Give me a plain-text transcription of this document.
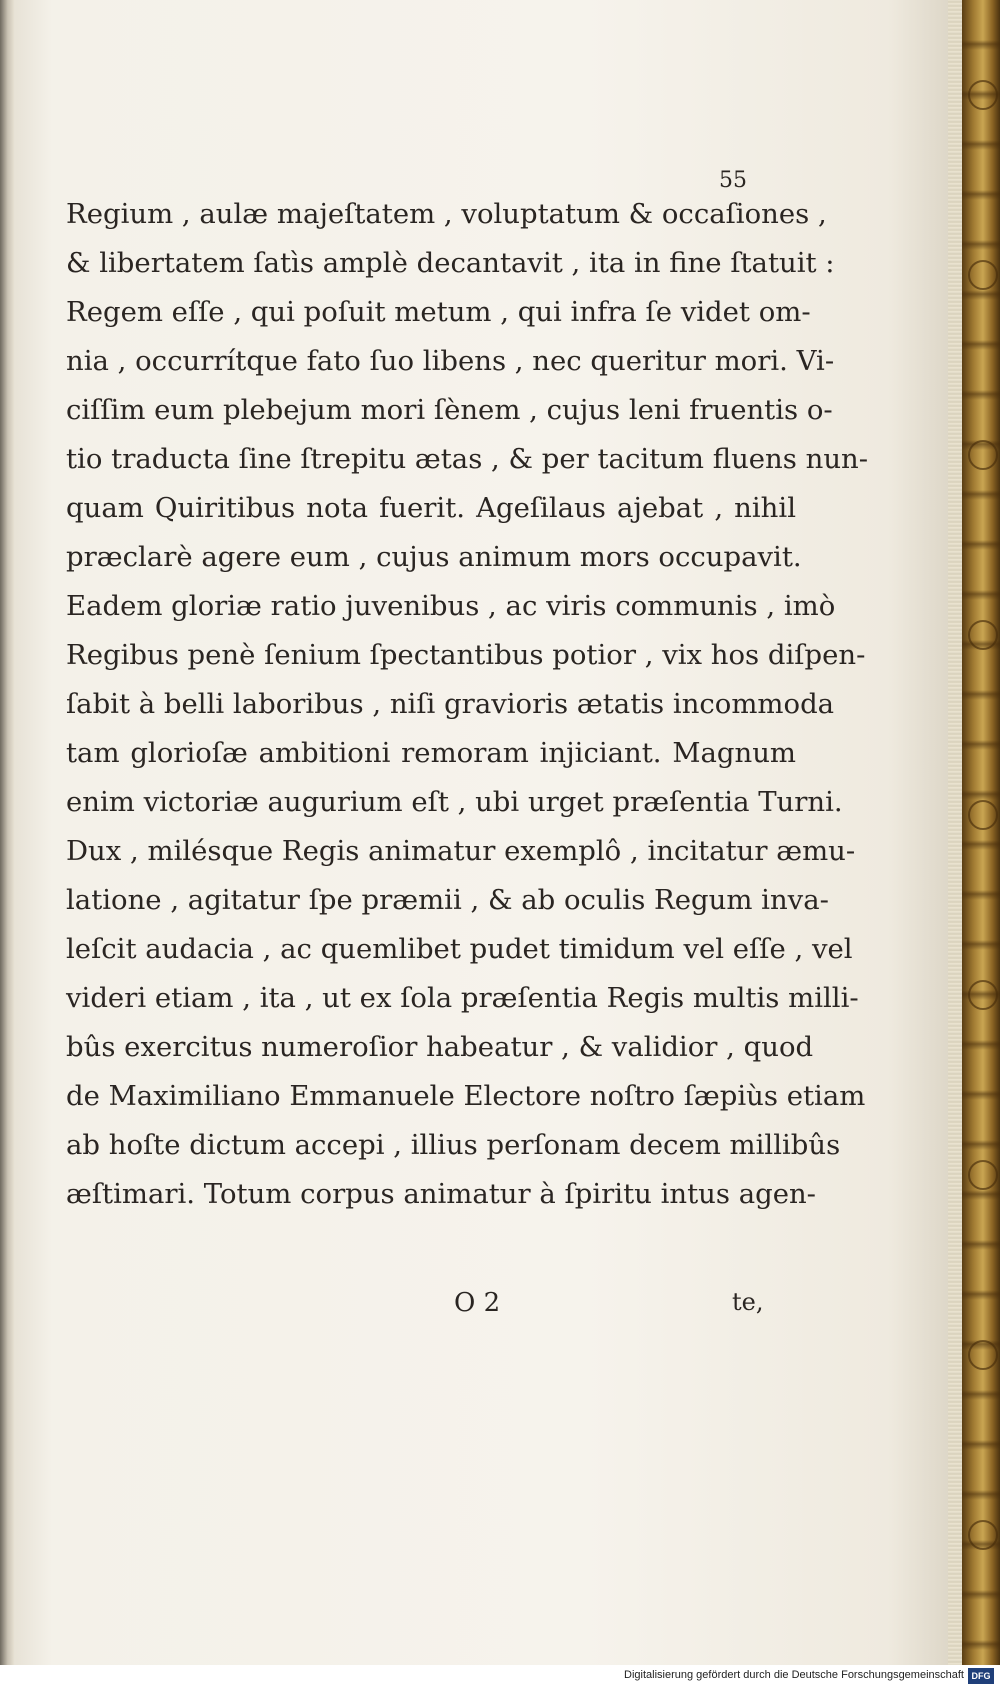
55
Regium , aulæ majeſtatem , voluptatum & occaſiones ,
& libertatem ſatìs amplè decantavit , ita in fine ſtatuit :
Regem eſſe , qui poſuit metum , qui infra ſe videt om-
nia , occurrítque fato ſuo libens , nec queritur mori. Vi-
ciſſim eum plebejum mori ſènem , cujus leni fruentis o-
tio traducta ſine ſtrepitu ætas , & per tacitum fluens nun-
quam Quiritibus nota fuerit. Ageſilaus ajebat , nihil
præclarè agere eum , cujus animum mors occupavit.
Eadem gloriæ ratio juvenibus , ac viris communis , imò
Regibus penè ſenium ſpectantibus potior , vix hos diſpen-
ſabit à belli laboribus , niſi gravioris ætatis incommoda
tam glorioſæ ambitioni remoram injiciant. Magnum
enim victoriæ augurium eſt , ubi urget præſentia Turni.
Dux , milésque Regis animatur exemplô , incitatur æmu-
latione , agitatur ſpe præmii , & ab oculis Regum inva-
leſcit audacia , ac quemlibet pudet timidum vel eſſe , vel
videri etiam , ita , ut ex ſola præſentia Regis multis milli-
bûs exercitus numeroſior habeatur , & validior , quod
de Maximiliano Emmanuele Electore noſtro ſæpiùs etiam
ab hoſte dictum accepi , illius perſonam decem millibûs
æſtimari. Totum corpus animatur à ſpiritu intus agen-
O 2	te,
Digitalisierung gefördert durch die Deutsche Forschungsgemeinschaft DFG
